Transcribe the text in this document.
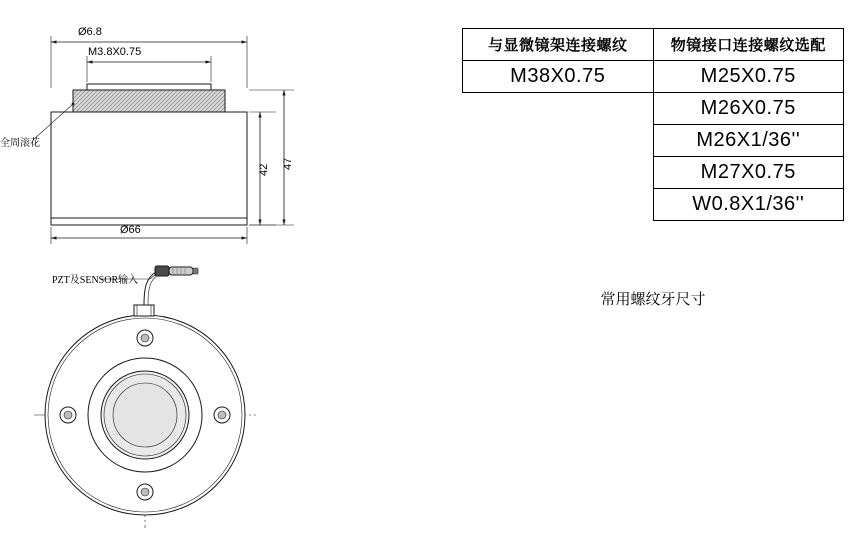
Ø6.8
M3.8X0.75
Ø66
42 47
全周滚花
PZT及SENSOR输入
与显微镜架连接螺纹	物镜接口连接螺纹选配
M38X0.75	M25X0.75
	M26X0.75
	M26X1/36''
	M27X0.75
	W0.8X1/36''
常用螺纹牙尺寸
